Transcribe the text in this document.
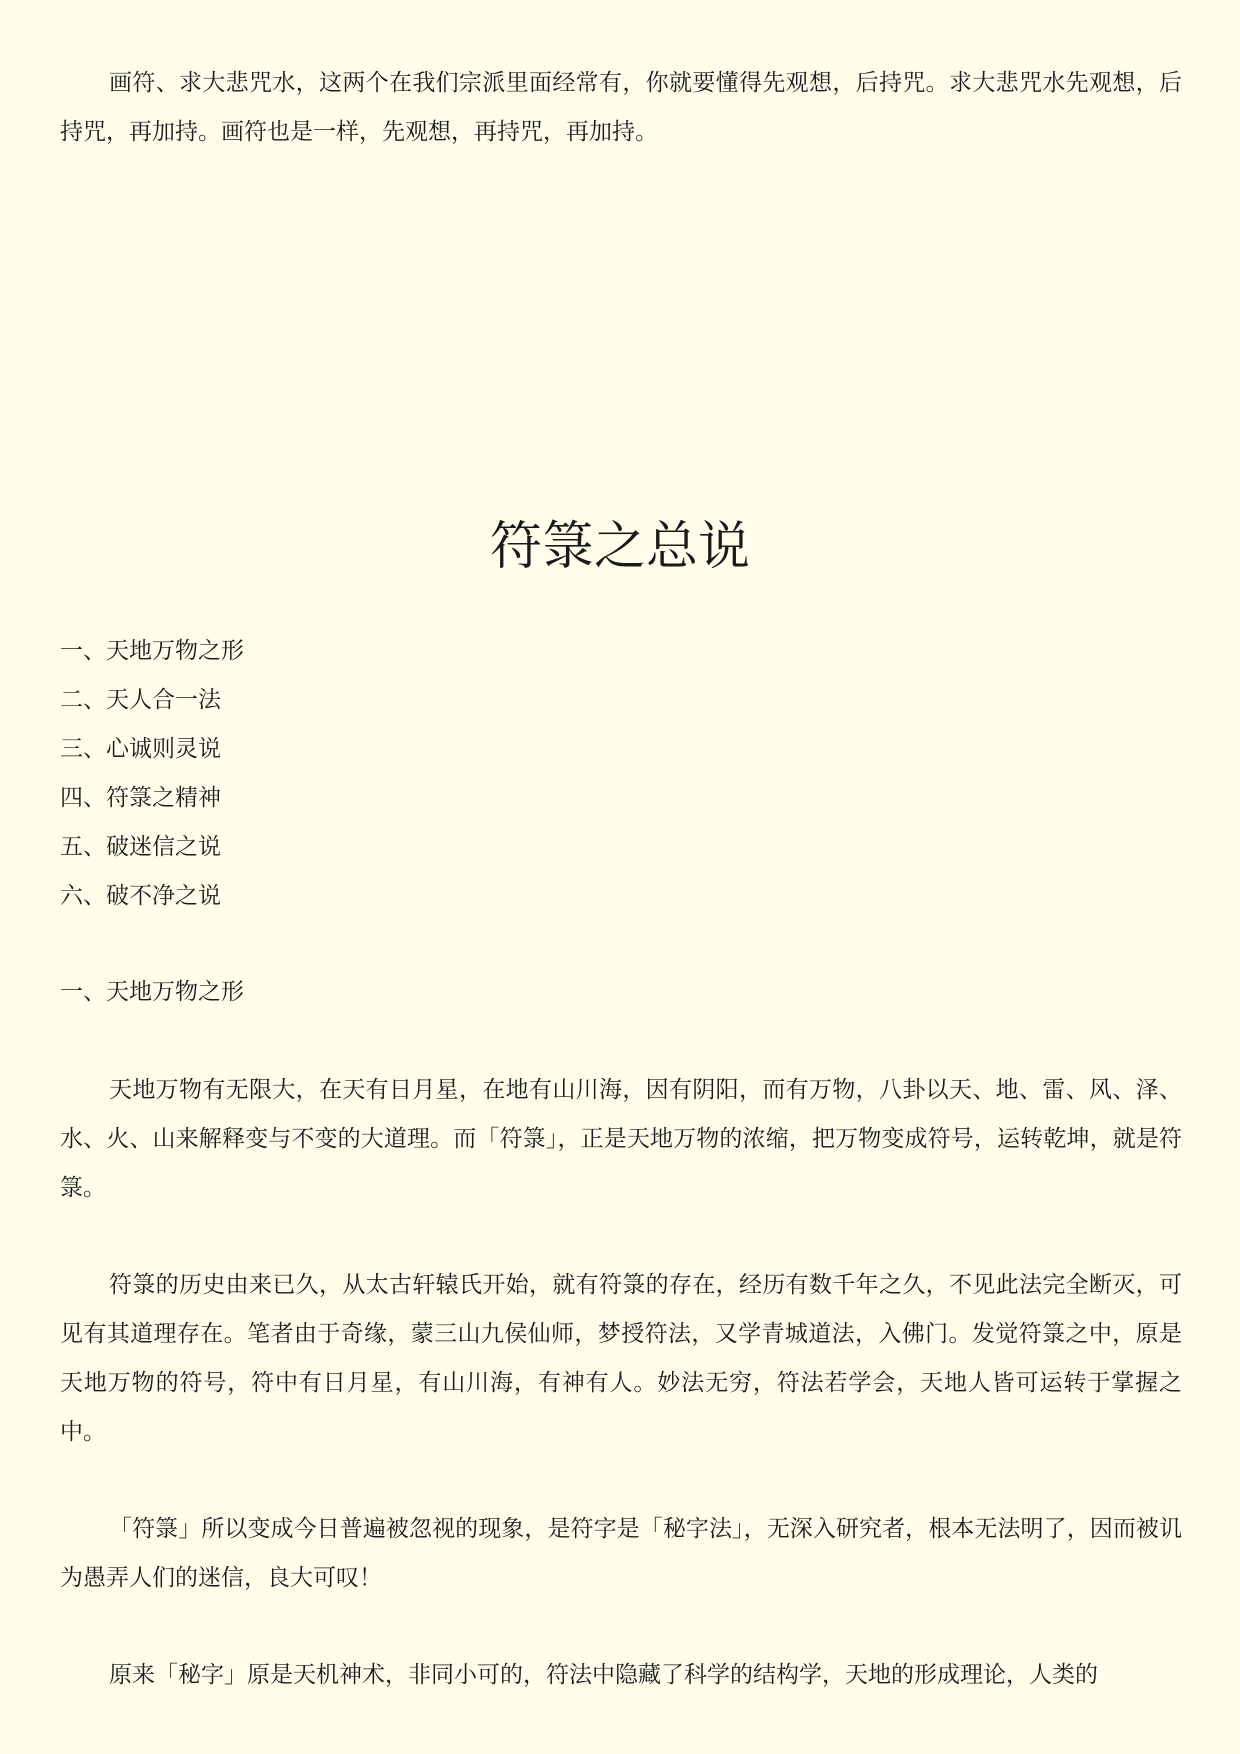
画符、求大悲咒水，这两个在我们宗派里面经常有，你就要懂得先观想，后持咒。求大悲咒水先观想，后持咒，再加持。画符也是一样，先观想，再持咒，再加持。

符箓之总说
一、天地万物之形
二、天人合一法
三、心诚则灵说
四、符箓之精神
五、破迷信之说
六、破不净之说
一、天地万物之形

天地万物有无限大，在天有日月星，在地有山川海，因有阴阳，而有万物，八卦以天、地、雷、风、泽、水、火、山来解释变与不变的大道理。而「符箓」，正是天地万物的浓缩，把万物变成符号，运转乾坤，就是符箓。

符箓的历史由来已久，从太古轩辕氏开始，就有符箓的存在，经历有数千年之久，不见此法完全断灭，可见有其道理存在。笔者由于奇缘，蒙三山九侯仙师，梦授符法，又学青城道法，入佛门。发觉符箓之中，原是天地万物的符号，符中有日月星，有山川海，有神有人。妙法无穷，符法若学会，天地人皆可运转于掌握之中。

「符箓」所以变成今日普遍被忽视的现象，是符字是「秘字法」，无深入研究者，根本无法明了，因而被讥为愚弄人们的迷信，良大可叹！

原来「秘字」原是天机神术，非同小可的，符法中隐藏了科学的结构学，天地的形成理论，人类的
